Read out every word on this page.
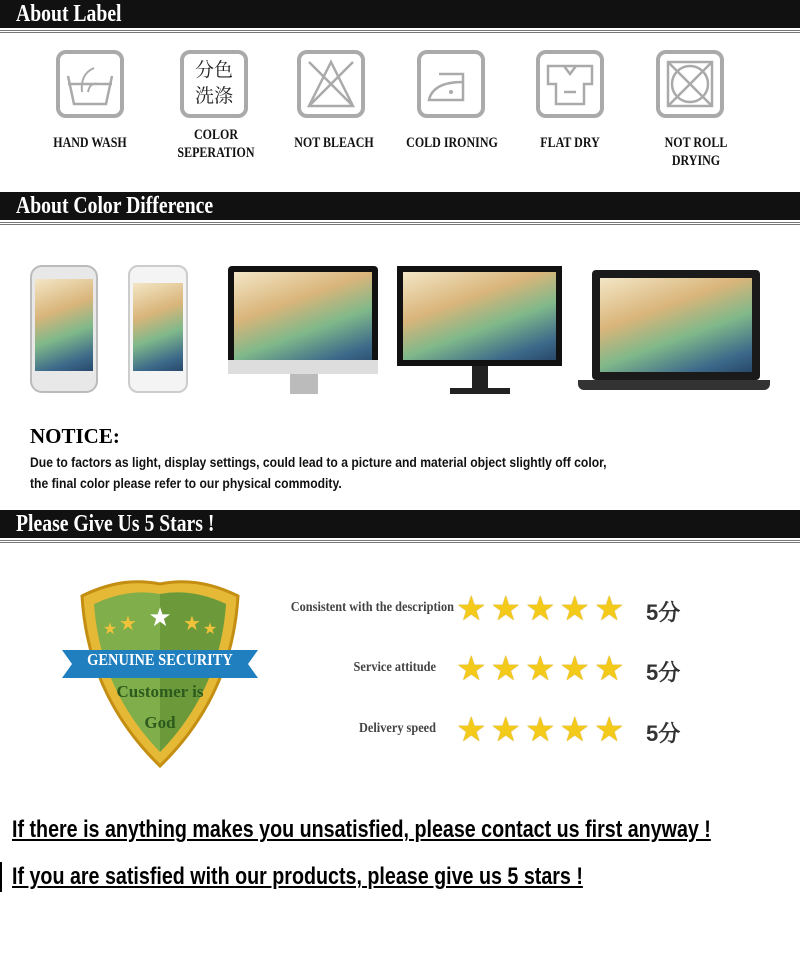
About Label
分色
洗涤
HAND WASH	COLOR SEPERATION
NOT BLEACH	COLD IRONING	FLAT DRY	NOT ROLL DRYING
About Color Difference
NOTICE:
Due to factors as light, display settings, could lead to a picture and material object slightly off color,
the final color please refer to our physical commodity.
Please Give Us 5 Stars !
★
★ ★
★	★
GENUINE SECURITY
Customer is
God
Consistent with the description ★ ★ ★ ★ ★ 5分
Service attitude ★ ★ ★ ★ ★ 5分
Delivery speed ★ ★ ★ ★ ★ 5分
If there is anything makes you unsatisfied, please contact us first anyway !
If you are satisfied with our products, please give us 5 stars !
